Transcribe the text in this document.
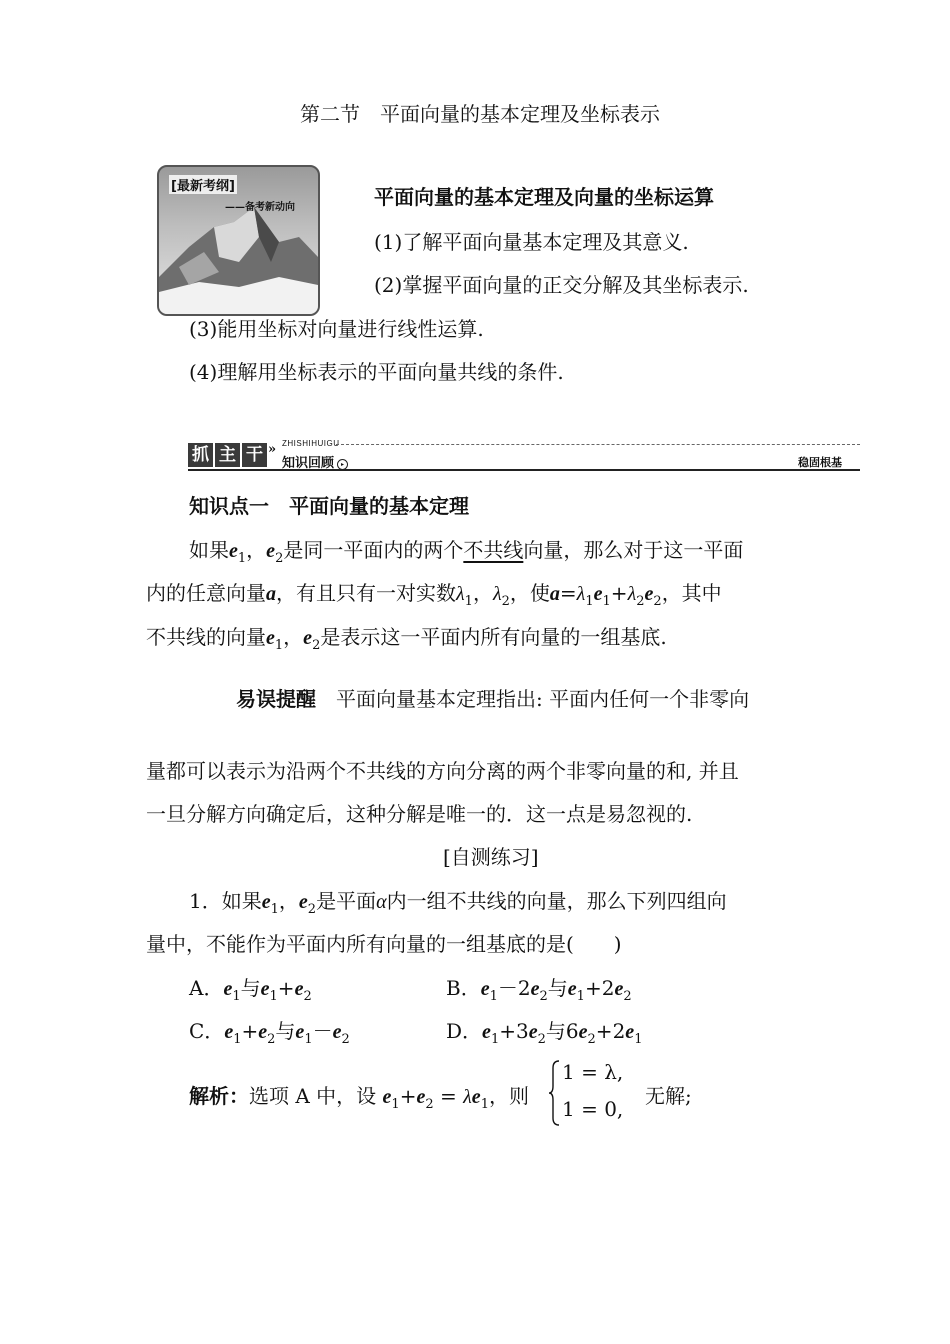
第二节　平面向量的基本定理及坐标表示
[最新考纲]
——备考新动向	平面向量的基本定理及向量的坐标运算
(1)了解平面向量基本定理及其意义.
(2)掌握平面向量的正交分解及其坐标表示.
(3)能用坐标对向量进行线性运算.
(4)理解用坐标表示的平面向量共线的条件.
抓 主 干 » ZHISHIHUIGU
知识回顾 ▸	稳固根基
知识点一　平面向量的基本定理
如果$e_1$，$e_2$是同一平面内的两个不共线向量，那么对于这一平面
内的任意向量a，有且只有一对实数$\lambda_1$，$\lambda_2$，使$a=\lambda_1e_1+\lambda_2e_2$，其中
不共线的向量$e_1$，$e_2$是表示这一平面内所有向量的一组基底.
易误提醒　 平面向量基本定理指出: 平面内任何一个非零向
量都可以表示为沿两个不共线的方向分离的两个非零向量的和, 并且
一旦分解方向确定后，这种分解是唯一的．这一点是易忽视的.
[自测练习]
1．如果$e_1$，$e_2$是平面α内一组不共线的向量，那么下列四组向
量中，不能作为平面内所有向量的一组基底的是(　　)
A．$e_1$与$e_1+e_2$	B．$e_1-2e_2$与$e_1+2e_2$
C．$e_1+e_2$与$e_1-e_2$	D．$e_1+3e_2$与$6e_2+2e_1$
解析：选项 A 中，设 $e_1+e_2 = \lambda e_1$，则
1 = λ,
1 = 0,
无解;
